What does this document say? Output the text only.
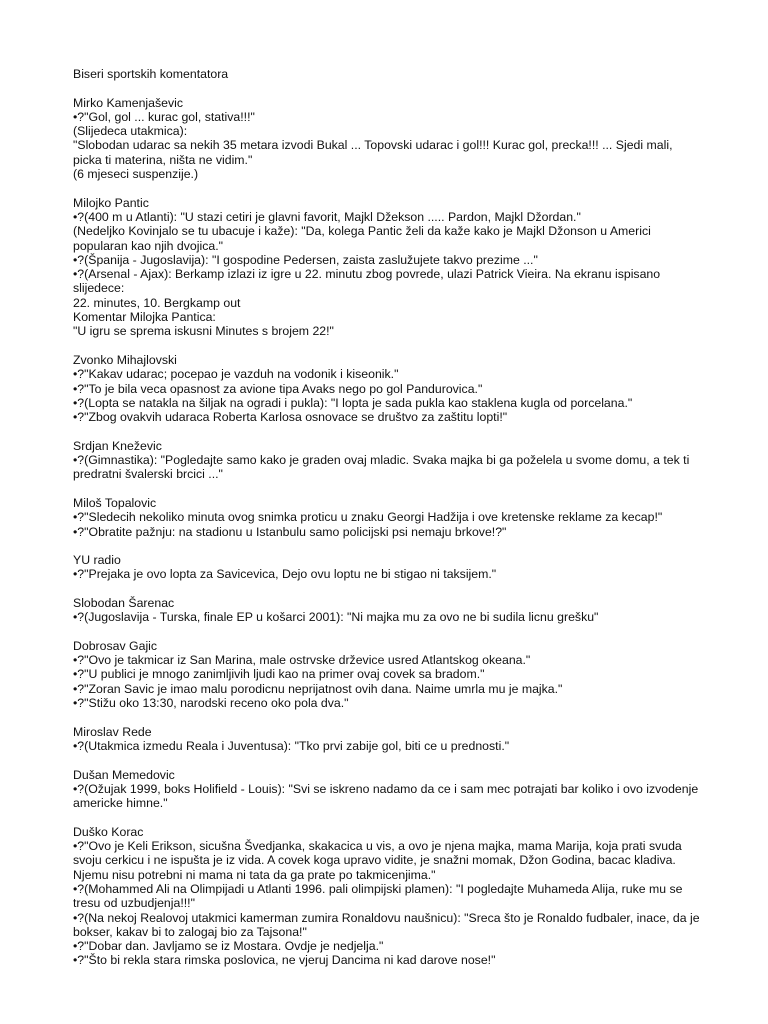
Biseri sportskih komentatora

Mirko Kamenjaševic

•?"Gol, gol ... kurac gol, stativa!!!"

(Slijedeca utakmica):

"Slobodan udarac sa nekih 35 metara izvodi Bukal ... Topovski udarac i gol!!! Kurac gol, precka!!! ... Sjedi mali, picka ti materina, ništa ne vidim."

(6 mjeseci suspenzije.)

Milojko Pantic

•?(400 m u Atlanti): "U stazi cetiri je glavni favorit, Majkl Džekson ..... Pardon, Majkl Džordan."

(Nedeljko Kovinjalo se tu ubacuje i kaže): "Da, kolega Pantic želi da kaže kako je Majkl Džonson u Americi popularan kao njih dvojica."

•?(Španija - Jugoslavija): "I gospodine Pedersen, zaista zaslužujete takvo prezime ..."

•?(Arsenal - Ajax): Berkamp izlazi iz igre u 22. minutu zbog povrede, ulazi Patrick Vieira. Na ekranu ispisano slijedece:

22. minutes, 10. Bergkamp out

Komentar Milojka Pantica:

"U igru se sprema iskusni Minutes s brojem 22!"

Zvonko Mihajlovski

•?"Kakav udarac; pocepao je vazduh na vodonik i kiseonik."

•?"To je bila veca opasnost za avione tipa Avaks nego po gol Pandurovica."

•?(Lopta se natakla na šiljak na ogradi i pukla): "I lopta je sada pukla kao staklena kugla od porcelana."

•?"Zbog ovakvih udaraca Roberta Karlosa osnovace se društvo za zaštitu lopti!"

Srdjan Kneževic

•?(Gimnastika): "Pogledajte samo kako je graden ovaj mladic. Svaka majka bi ga poželela u svome domu, a tek ti predratni švalerski brcici ..."

Miloš Topalovic

•?"Sledecih nekoliko minuta ovog snimka proticu u znaku Georgi Hadžija i ove kretenske reklame za kecap!"

•?"Obratite pažnju: na stadionu u Istanbulu samo policijski psi nemaju brkove!?"

YU radio

•?"Prejaka je ovo lopta za Savicevica, Dejo ovu loptu ne bi stigao ni taksijem."

Slobodan Šarenac

•?(Jugoslavija - Turska, finale EP u košarci 2001): "Ni majka mu za ovo ne bi sudila licnu grešku"

Dobrosav Gajic

•?"Ovo je takmicar iz San Marina, male ostrvske drževice usred Atlantskog okeana."

•?"U publici je mnogo zanimljivih ljudi kao na primer ovaj covek sa bradom."

•?"Zoran Savic je imao malu porodicnu neprijatnost ovih dana. Naime umrla mu je majka."

•?"Stižu oko 13:30, narodski receno oko pola dva."

Miroslav Rede

•?(Utakmica izmedu Reala i Juventusa): "Tko prvi zabije gol, biti ce u prednosti."

Dušan Memedovic

•?(Ožujak 1999, boks Holifield - Louis): "Svi se iskreno nadamo da ce i sam mec potrajati bar koliko i ovo izvodenje americke himne."

Duško Korac

•?"Ovo je Keli Erikson, sicušna Švedjanka, skakacica u vis, a ovo je njena majka, mama Marija, koja prati svuda svoju cerkicu i ne ispušta je iz vida. A covek koga upravo vidite, je snažni momak, Džon Godina, bacac kladiva. Njemu nisu potrebni ni mama ni tata da ga prate po takmicenjima."

•?(Mohammed Ali na Olimpijadi u Atlanti 1996. pali olimpijski plamen): "I pogledajte Muhameda Alija, ruke mu se tresu od uzbudjenja!!!"

•?(Na nekoj Realovoj utakmici kamerman zumira Ronaldovu naušnicu): "Sreca što je Ronaldo fudbaler, inace, da je bokser, kakav bi to zalogaj bio za Tajsona!"

•?"Dobar dan. Javljamo se iz Mostara. Ovdje je nedjelja."

•?"Što bi rekla stara rimska poslovica, ne vjeruj Dancima ni kad darove nose!"
